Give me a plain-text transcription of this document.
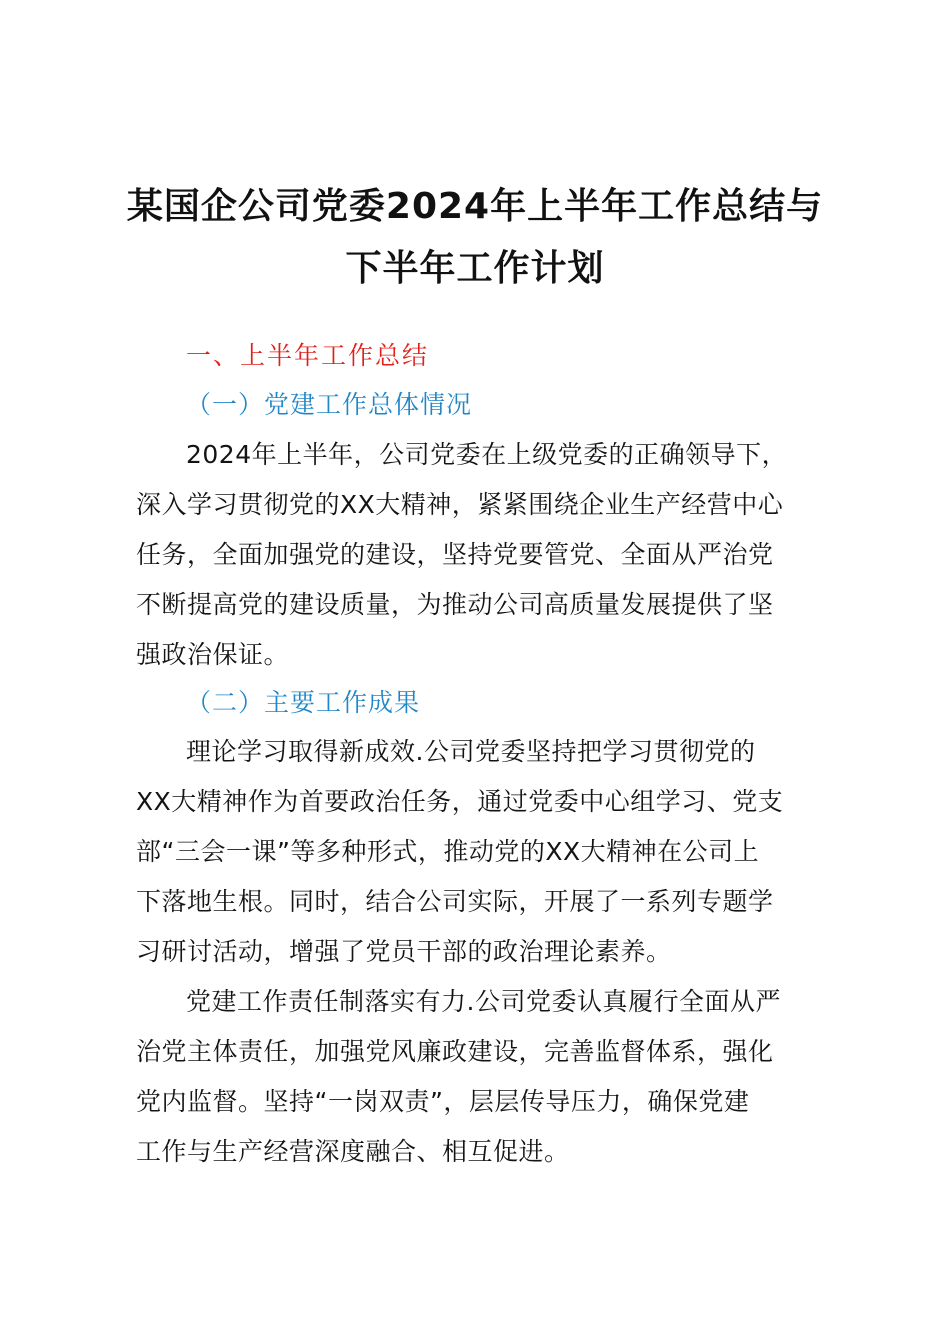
某国企公司党委2024年上半年工作总结与
下半年工作计划
一、上半年工作总结
（一）党建工作总体情况
2024年上半年，公司党委在上级党委的正确领导下，
深入学习贯彻党的XX大精神，紧紧围绕企业生产经营中心
任务，全面加强党的建设，坚持党要管党、全面从严治党
不断提高党的建设质量，为推动公司高质量发展提供了坚
强政治保证。
（二）主要工作成果
理论学习取得新成效.公司党委坚持把学习贯彻党的
XX大精神作为首要政治任务，通过党委中心组学习、党支
部“三会一课”等多种形式，推动党的XX大精神在公司上
下落地生根。同时，结合公司实际，开展了一系列专题学
习研讨活动，增强了党员干部的政治理论素养。
党建工作责任制落实有力.公司党委认真履行全面从严
治党主体责任，加强党风廉政建设，完善监督体系，强化
党内监督。坚持“一岗双责”，层层传导压力，确保党建
工作与生产经营深度融合、相互促进。
